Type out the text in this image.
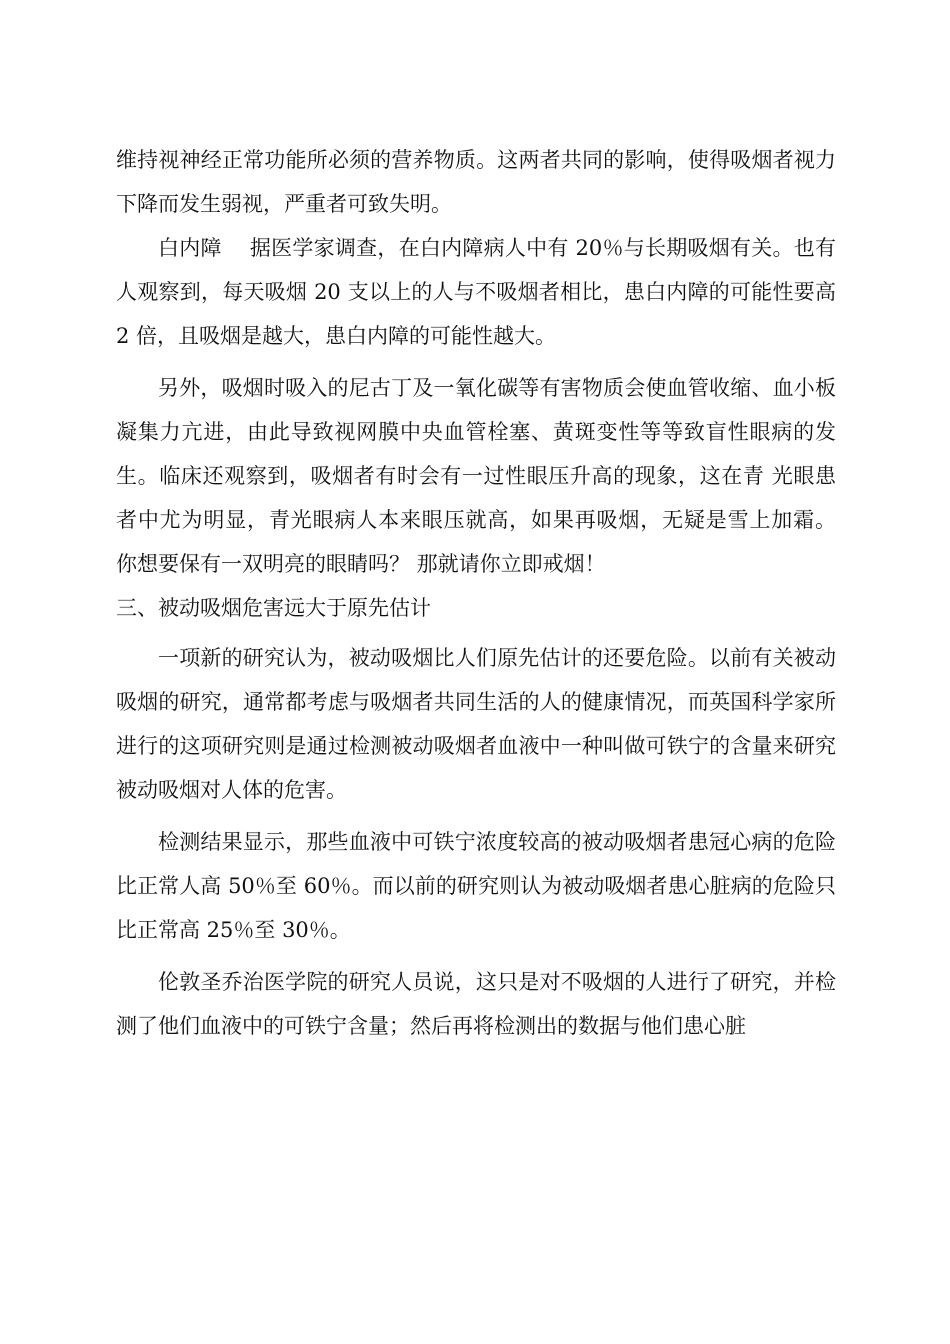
维持视神经正常功能所必须的营养物质。这两者共同的影响，使得吸烟者视力下降而发生弱视，严重者可致失明。

白内障　 据医学家调查，在白内障病人中有 20％与长期吸烟有关。也有人观察到，每天吸烟 20 支以上的人与不吸烟者相比，患白内障的可能性要高 2 倍，且吸烟是越大，患白内障的可能性越大。

另外，吸烟时吸入的尼古丁及一氧化碳等有害物质会使血管收缩、血小板凝集力亢进，由此导致视网膜中央血管栓塞、黄斑变性等等致盲性眼病的发生。临床还观察到，吸烟者有时会有一过性眼压升高的现象，这在青 光眼患者中尤为明显，青光眼病人本来眼压就高，如果再吸烟，无疑是雪上加霜。 你想要保有一双明亮的眼睛吗？ 那就请你立即戒烟！

三、被动吸烟危害远大于原先估计

一项新的研究认为，被动吸烟比人们原先估计的还要危险。以前有关被动吸烟的研究，通常都考虑与吸烟者共同生活的人的健康情况，而英国科学家所进行的这项研究则是通过检测被动吸烟者血液中一种叫做可铁宁的含量来研究被动吸烟对人体的危害。

检测结果显示，那些血液中可铁宁浓度较高的被动吸烟者患冠心病的危险比正常人高 50％至 60％。而以前的研究则认为被动吸烟者患心脏病的危险只比正常高 25％至 30％。

伦敦圣乔治医学院的研究人员说，这只是对不吸烟的人进行了研究，并检测了他们血液中的可铁宁含量；然后再将检测出的数据与他们患心脏
